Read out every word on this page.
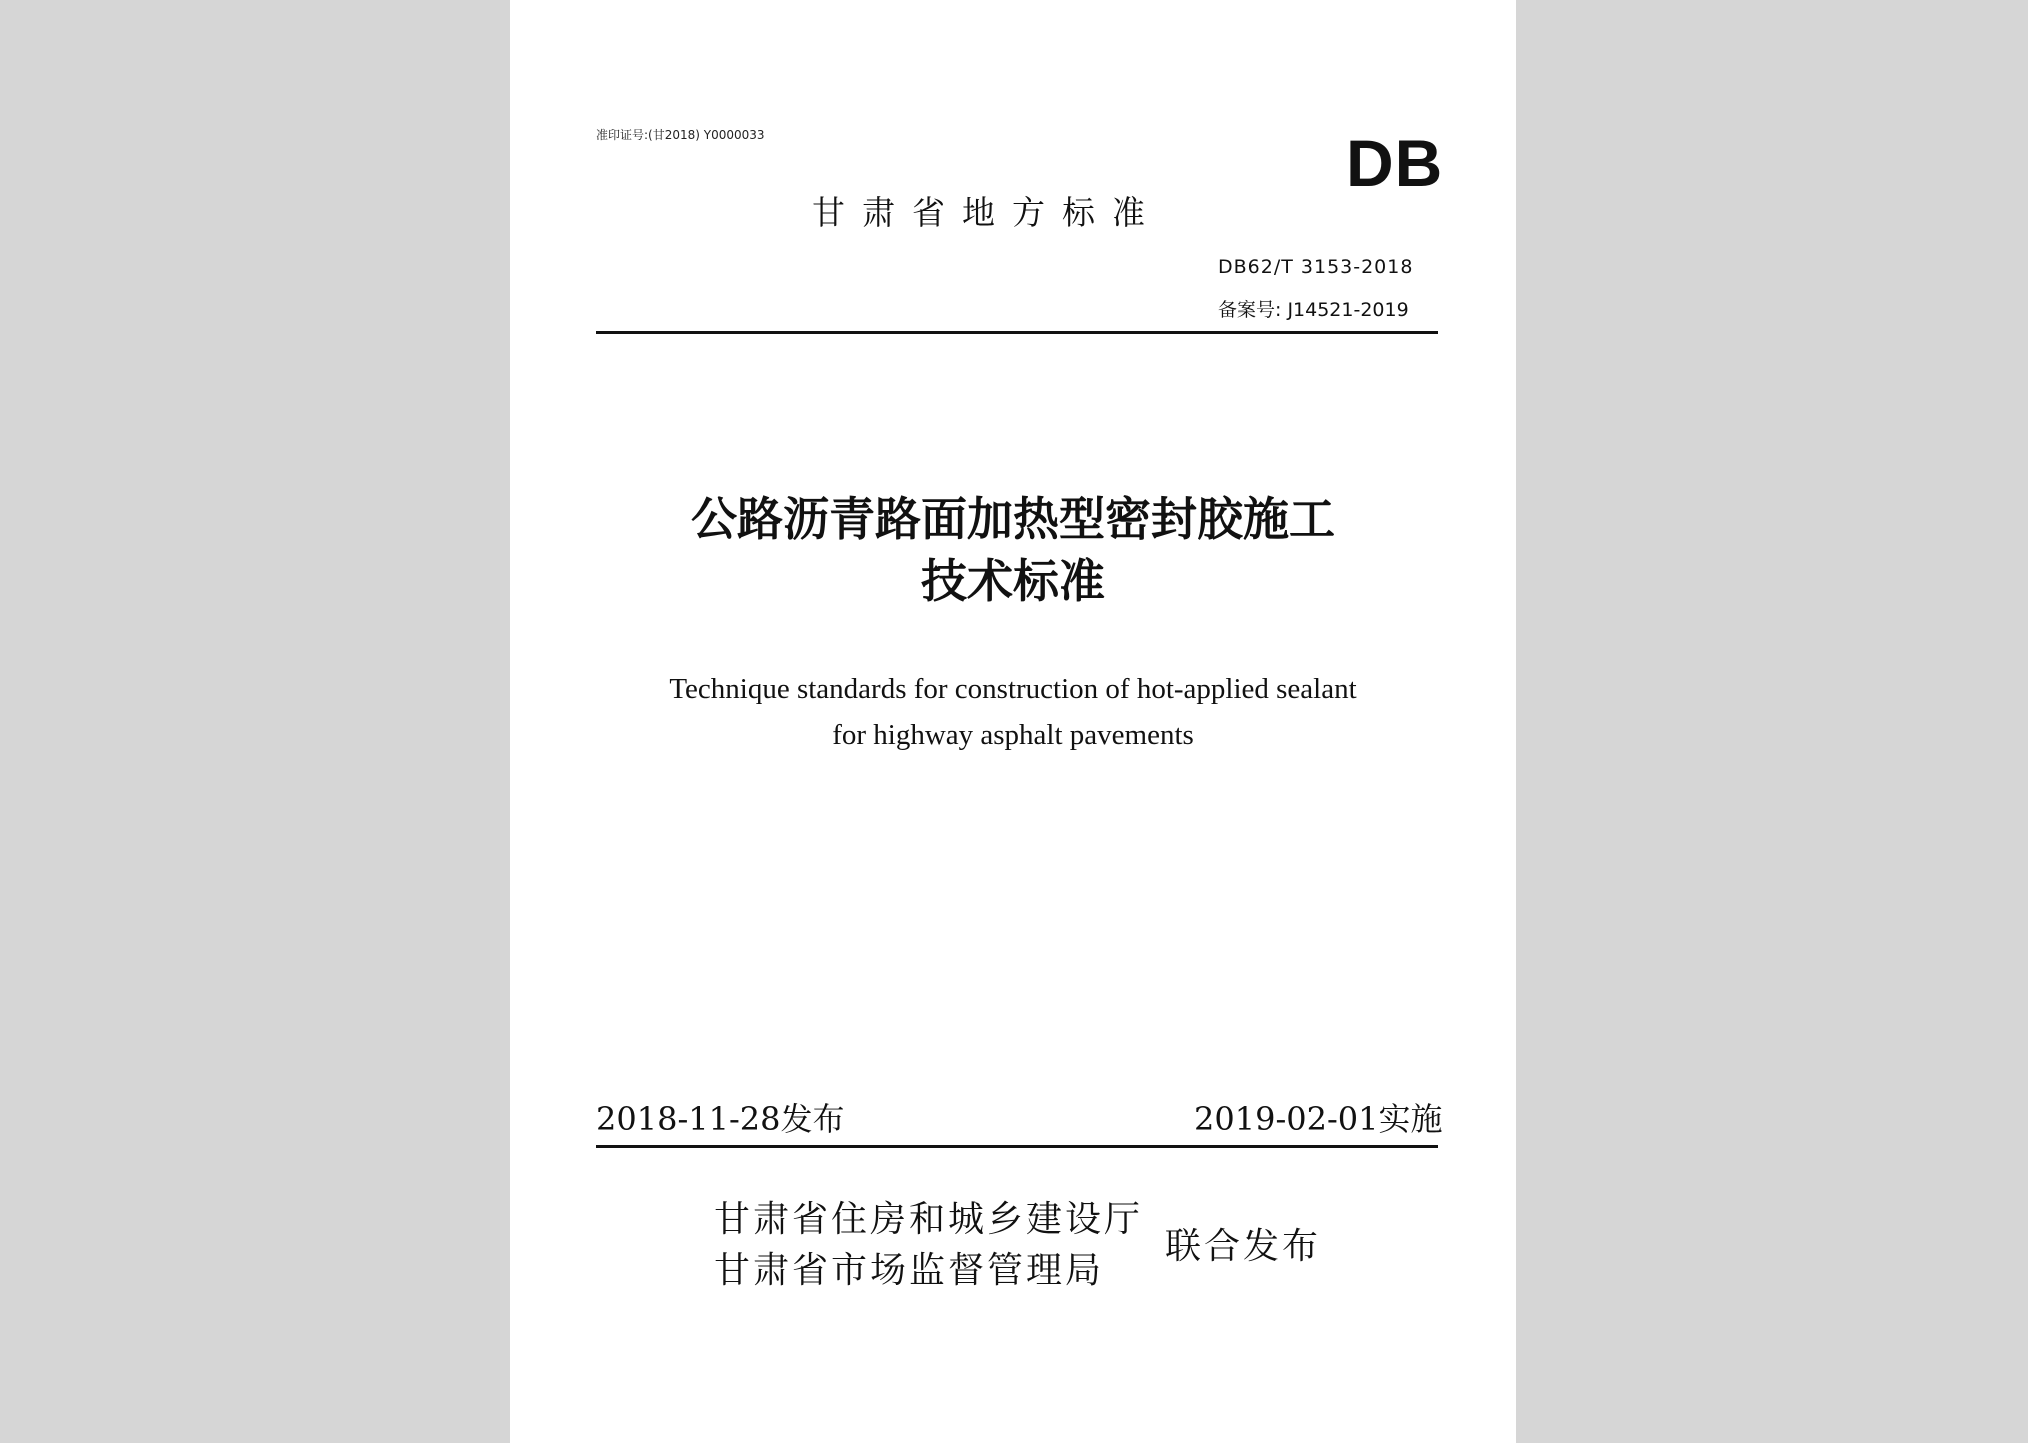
准印证号:(甘2018) Y0000033	DB

甘肃省地方标准

DB62/T 3153-2018

备案号: J14521-2019

公路沥青路面加热型密封胶施工

技术标准

Technique standards for construction of hot-applied sealant

for highway asphalt pavements

2018-11-28发布	2019-02-01实施

甘肃省住房和城乡建设厅

甘肃省市场监督管理局

联合发布
